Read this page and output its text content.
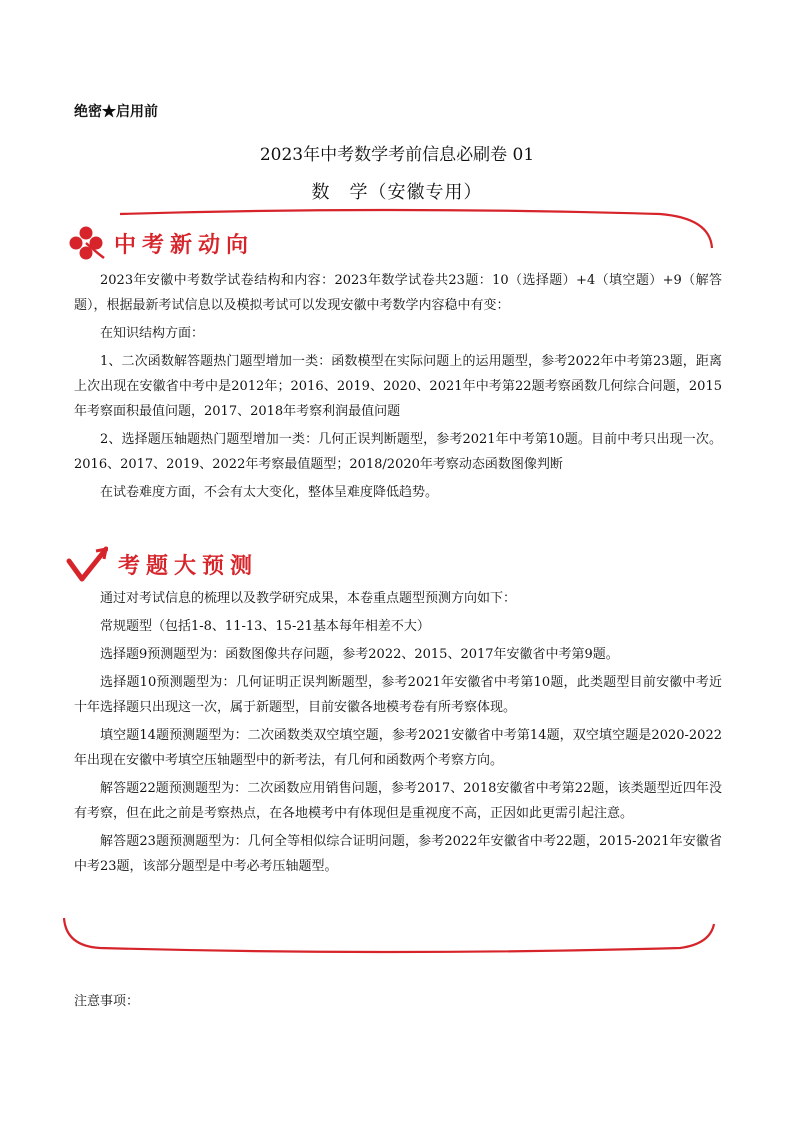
绝密★启用前
2023年中考数学考前信息必刷卷 01
数　学（安徽专用）
中考新动向

2023年安徽中考数学试卷结构和内容：2023年数学试卷共23题：10（选择题）+4（填空题）+9（解答题），根据最新考试信息以及模拟考试可以发现安徽中考数学内容稳中有变：

在知识结构方面：

1、二次函数解答题热门题型增加一类：函数模型在实际问题上的运用题型，参考2022年中考第23题，距离上次出现在安徽省中考中是2012年；2016、2019、2020、2021年中考第22题考察函数几何综合问题，2015年考察面积最值问题，2017、2018年考察利润最值问题

2、选择题压轴题热门题型增加一类：几何正误判断题型，参考2021年中考第10题。目前中考只出现一次。2016、2017、2019、2022年考察最值题型；2018/2020年考察动态函数图像判断

在试卷难度方面，不会有太大变化，整体呈难度降低趋势。

考题大预测

通过对考试信息的梳理以及教学研究成果，本卷重点题型预测方向如下：

常规题型（包括1-8、11-13、15-21基本每年相差不大）

选择题9预测题型为：函数图像共存问题，参考2022、2015、2017年安徽省中考第9题。

选择题10预测题型为：几何证明正误判断题型，参考2021年安徽省中考第10题，此类题型目前安徽中考近十年选择题只出现这一次，属于新题型，目前安徽各地模考卷有所考察体现。

填空题14题预测题型为：二次函数类双空填空题，参考2021安徽省中考第14题，双空填空题是2020-2022年出现在安徽中考填空压轴题型中的新考法，有几何和函数两个考察方向。

解答题22题预测题型为：二次函数应用销售问题，参考2017、2018安徽省中考第22题，该类题型近四年没有考察，但在此之前是考察热点，在各地模考中有体现但是重视度不高，正因如此更需引起注意。

解答题23题预测题型为：几何全等相似综合证明问题，参考2022年安徽省中考22题，2015-2021年安徽省中考23题，该部分题型是中考必考压轴题型。

注意事项：
